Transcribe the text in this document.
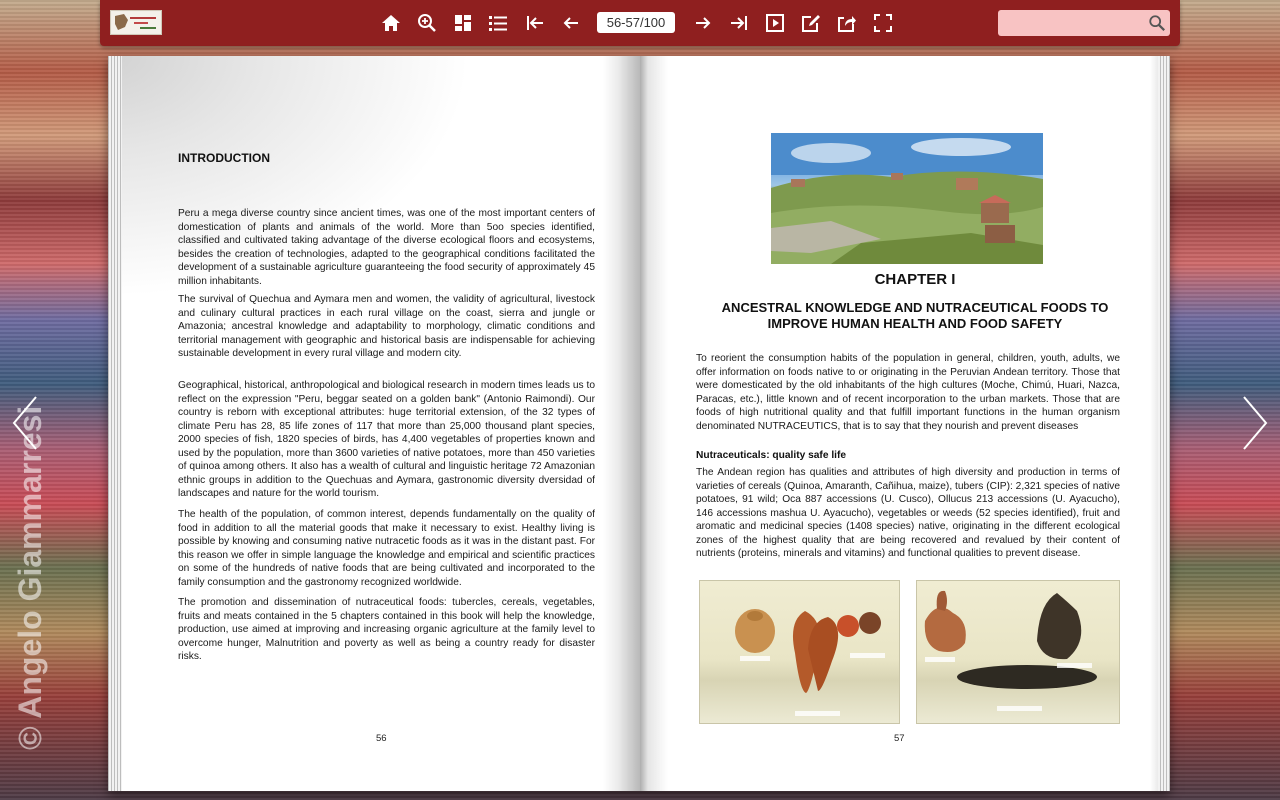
56-57/100
INTRODUCTION

Peru a mega diverse country since ancient times, was one of the most important centers of domestication of plants and animals of the world. More than 5oo species identified, classified and cultivated taking advantage of the diverse ecological floors and ecosystems, besides the creation of technologies, adapted to the geographical conditions facilitated the development of a sustainable agriculture guaranteeing the food security of approximately 45 million inhabitants.

The survival of Quechua and Aymara men and women, the validity of agricultural, livestock and culinary cultural practices in each rural village on the coast, sierra and jungle or Amazonia; ancestral knowledge and adaptability to morphology, climatic conditions and territorial management with geographic and historical basis are indispensable for achieving sustainable development in every rural village and modern city.

Geographical, historical, anthropological and biological research in modern times leads us to reflect on the expression "Peru, beggar seated on a golden bank" (Antonio Raimondi). Our country is reborn with exceptional attributes: huge territorial extension, of the 32 types of climate Peru has 28, 85 life zones of 117 that more than 25,000 thousand plant species, 2000 species of fish, 1820 species of birds, has 4,400 vegetables of properties known and used by the population, more than 3600 varieties of native potatoes, more than 450 varieties of quinoa among others. It also has a wealth of cultural and linguistic heritage 72 Amazonian ethnic groups in addition to the Quechuas and Aymara, gastronomic diversity dversidad of landscapes and nature for the world tourism.

The health of the population, of common interest, depends fundamentally on the quality of food in addition to all the material goods that make it necessary to exist. Healthy living is possible by knowing and consuming native nutracetic foods as it was in the distant past. For this reason we offer in simple language the knowledge and empirical and scientific practices on some of the hundreds of native foods that are being cultivated and incorporated to the family consumption and the gastronomy recognized worldwide.

The promotion and dissemination of nutraceutical foods: tubercles, cereals, vegetables, fruits and meats contained in the 5 chapters contained in this book will help the knowledge, production, use aimed at improving and increasing organic agriculture at the family level to overcome hunger, Malnutrition and poverty as well as being a country ready for disaster risks.

56
CHAPTER I
ANCESTRAL KNOWLEDGE AND NUTRACEUTICAL FOODS TO IMPROVE HUMAN HEALTH AND FOOD SAFETY

To reorient the consumption habits of the population in general, children, youth, adults, we offer information on foods native to or originating in the Peruvian Andean territory. Those that were domesticated by the old inhabitants of the high cultures (Moche, Chimú, Huari, Nazca, Paracas, etc.), little known and of recent incorporation to the urban markets. Those that are foods of high nutritional quality and that fulfill important functions in the human organism denominated NUTRACEUTICS, that is to say that they nourish and prevent diseases

Nutraceuticals: quality safe life

The Andean region has qualities and attributes of high diversity and production in terms of varieties of cereals (Quinoa, Amaranth, Cañihua, maize), tubers (CIP): 2,321 species of native potatoes, 91 wild; Oca 887 accessions (U. Cusco), Ollucus 213 accessions (U. Ayacucho), 146 accessions mashua U. Ayacucho), vegetables or weeds (52 species identified), fruit and aromatic and medicinal species (1408 species) native, originating in the different ecological zones of the highest quality that are being recovered and revalued by their content of nutrients (proteins, minerals and vitamins) and functional qualities to prevent disease.

57
© Angelo Giammarresi
